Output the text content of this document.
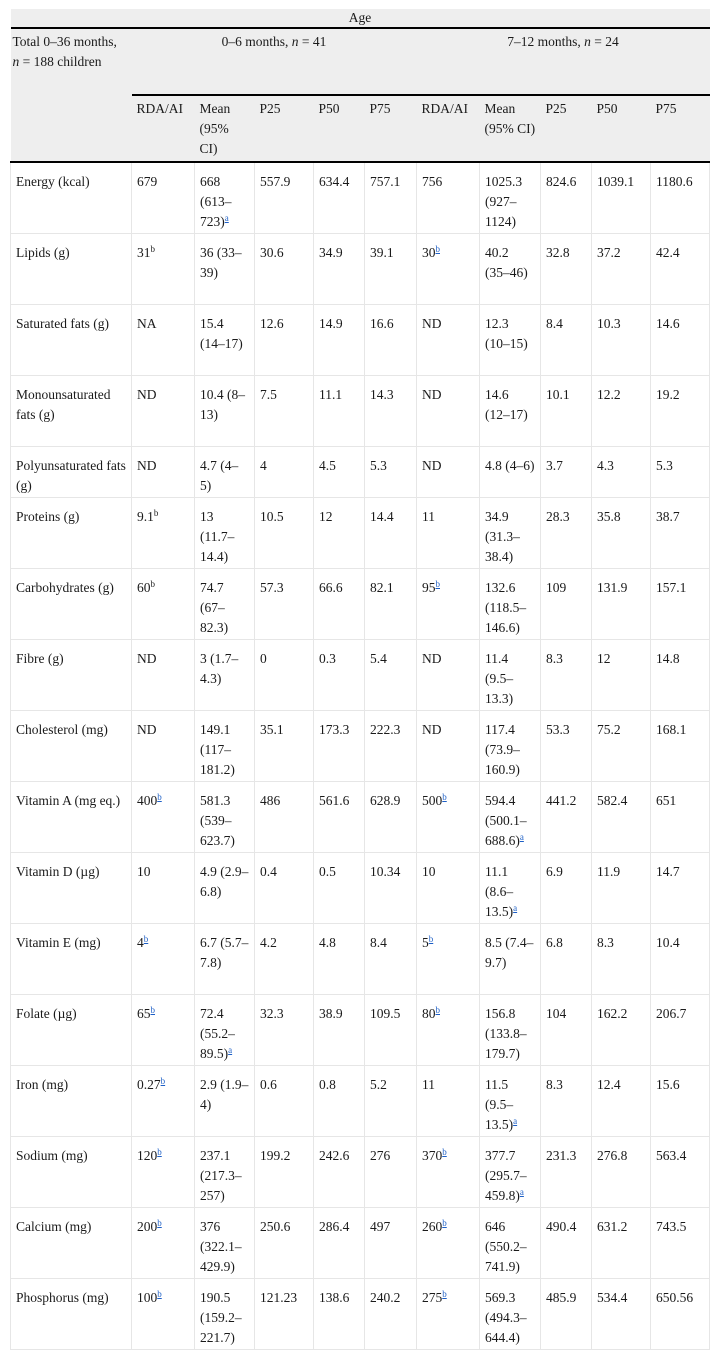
Age										
Total 0–36 months, n = 188 children	0–6 months, n = 41					7–12 months, n = 24				
	RDA/AI	Mean (95% CI)	P25	P50	P75	RDA/AI	Mean (95% CI)	P25	P50	P75
Energy (kcal)	679	668 (613–723)$^a$	557.9	634.4	757.1	756	1025.3 (927–1124)	824.6	1039.1	1180.6
Lipids (g)	31$^b$	36 (33–39)	30.6	34.9	39.1	30$^b$	40.2 (35–46)	32.8	37.2	42.4
Saturated fats (g)	NA	15.4 (14–17)	12.6	14.9	16.6	ND	12.3 (10–15)	8.4	10.3	14.6
Monounsaturated fats (g)	ND	10.4 (8–13)	7.5	11.1	14.3	ND	14.6 (12–17)	10.1	12.2	19.2
Polyunsaturated fats (g)	ND	4.7 (4–5)	4	4.5	5.3	ND	4.8 (4–6)	3.7	4.3	5.3
Proteins (g)	9.1$^b$	13 (11.7–14.4)	10.5	12	14.4	11	34.9 (31.3–38.4)	28.3	35.8	38.7
Carbohydrates (g)	60$^b$	74.7 (67–82.3)	57.3	66.6	82.1	95$^b$	132.6 (118.5–146.6)	109	131.9	157.1
Fibre (g)	ND	3 (1.7–4.3)	0	0.3	5.4	ND	11.4 (9.5–13.3)	8.3	12	14.8
Cholesterol (mg)	ND	149.1 (117–181.2)	35.1	173.3	222.3	ND	117.4 (73.9–160.9)	53.3	75.2	168.1
Vitamin A (mg eq.)	400$^b$	581.3 (539–623.7)	486	561.6	628.9	500$^b$	594.4 (500.1–688.6)$^a$	441.2	582.4	651
Vitamin D (µg)	10	4.9 (2.9–6.8)	0.4	0.5	10.34	10	11.1 (8.6–13.5)$^a$	6.9	11.9	14.7
Vitamin E (mg)	4$^b$	6.7 (5.7–7.8)	4.2	4.8	8.4	5$^b$	8.5 (7.4–9.7)	6.8	8.3	10.4
Folate (µg)	65$^b$	72.4 (55.2–89.5)$^a$	32.3	38.9	109.5	80$^b$	156.8 (133.8–179.7)	104	162.2	206.7
Iron (mg)	0.27$^b$	2.9 (1.9–4)	0.6	0.8	5.2	11	11.5 (9.5–13.5)$^a$	8.3	12.4	15.6
Sodium (mg)	120$^b$	237.1 (217.3–257)	199.2	242.6	276	370$^b$	377.7 (295.7–459.8)$^a$	231.3	276.8	563.4
Calcium (mg)	200$^b$	376 (322.1–429.9)	250.6	286.4	497	260$^b$	646 (550.2–741.9)	490.4	631.2	743.5
Phosphorus (mg)	100$^b$	190.5 (159.2–221.7)	121.23	138.6	240.2	275$^b$	569.3 (494.3–644.4)	485.9	534.4	650.56
